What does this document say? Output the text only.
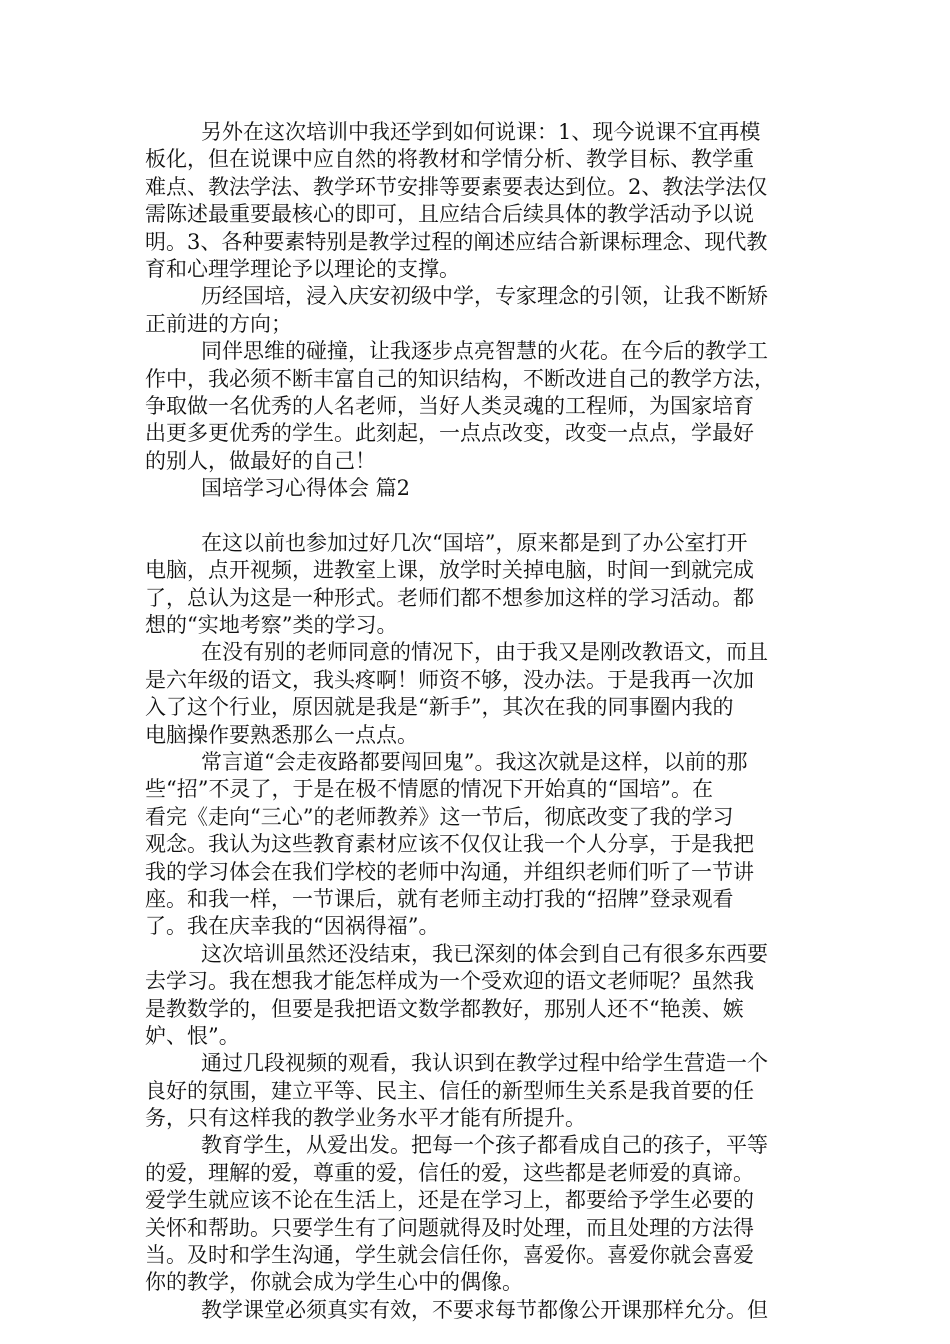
另外在这次培训中我还学到如何说课：1、现今说课不宜再模
板化，但在说课中应自然的将教材和学情分析、教学目标、教学重
难点、教法学法、教学环节安排等要素要表达到位。2、教法学法仅
需陈述最重要最核心的即可，且应结合后续具体的教学活动予以说
明。3、各种要素特别是教学过程的阐述应结合新课标理念、现代教
育和心理学理论予以理论的支撑。
历经国培，浸入庆安初级中学，专家理念的引领，让我不断矫
正前进的方向；
同伴思维的碰撞，让我逐步点亮智慧的火花。在今后的教学工
作中，我必须不断丰富自己的知识结构，不断改进自己的教学方法，
争取做一名优秀的人名老师，当好人类灵魂的工程师，为国家培育
出更多更优秀的学生。此刻起，一点点改变，改变一点点，学最好
的别人，做最好的自己！
国培学习心得体会 篇2
在这以前也参加过好几次“国培”，原来都是到了办公室打开
电脑，点开视频，进教室上课，放学时关掉电脑，时间一到就完成
了，总认为这是一种形式。老师们都不想参加这样的学习活动。都
想的“实地考察”类的学习。
在没有别的老师同意的情况下，由于我又是刚改教语文，而且
是六年级的语文，我头疼啊！师资不够，没办法。于是我再一次加
入了这个行业，原因就是我是“新手”，其次在我的同事圈内我的
电脑操作要熟悉那么一点点。
常言道“会走夜路都要闯回鬼”。我这次就是这样，以前的那
些“招”不灵了，于是在极不情愿的情况下开始真的“国培”。在
看完《走向“三心”的老师教养》这一节后，彻底改变了我的学习
观念。我认为这些教育素材应该不仅仅让我一个人分享，于是我把
我的学习体会在我们学校的老师中沟通，并组织老师们听了一节讲
座。和我一样，一节课后，就有老师主动打我的“招牌”登录观看
了。我在庆幸我的“因祸得福”。
这次培训虽然还没结束，我已深刻的体会到自己有很多东西要
去学习。我在想我才能怎样成为一个受欢迎的语文老师呢？虽然我
是教数学的，但要是我把语文数学都教好，那别人还不“艳羡、嫉
妒、恨”。
通过几段视频的观看，我认识到在教学过程中给学生营造一个
良好的氛围，建立平等、民主、信任的新型师生关系是我首要的任
务，只有这样我的教学业务水平才能有所提升。
教育学生，从爱出发。把每一个孩子都看成自己的孩子，平等
的爱，理解的爱，尊重的爱，信任的爱，这些都是老师爱的真谛。
爱学生就应该不论在生活上，还是在学习上，都要给予学生必要的
关怀和帮助。只要学生有了问题就得及时处理，而且处理的方法得
当。及时和学生沟通，学生就会信任你，喜爱你。喜爱你就会喜爱
你的教学，你就会成为学生心中的偶像。
教学课堂必须真实有效，不要求每节都像公开课那样允分。但
